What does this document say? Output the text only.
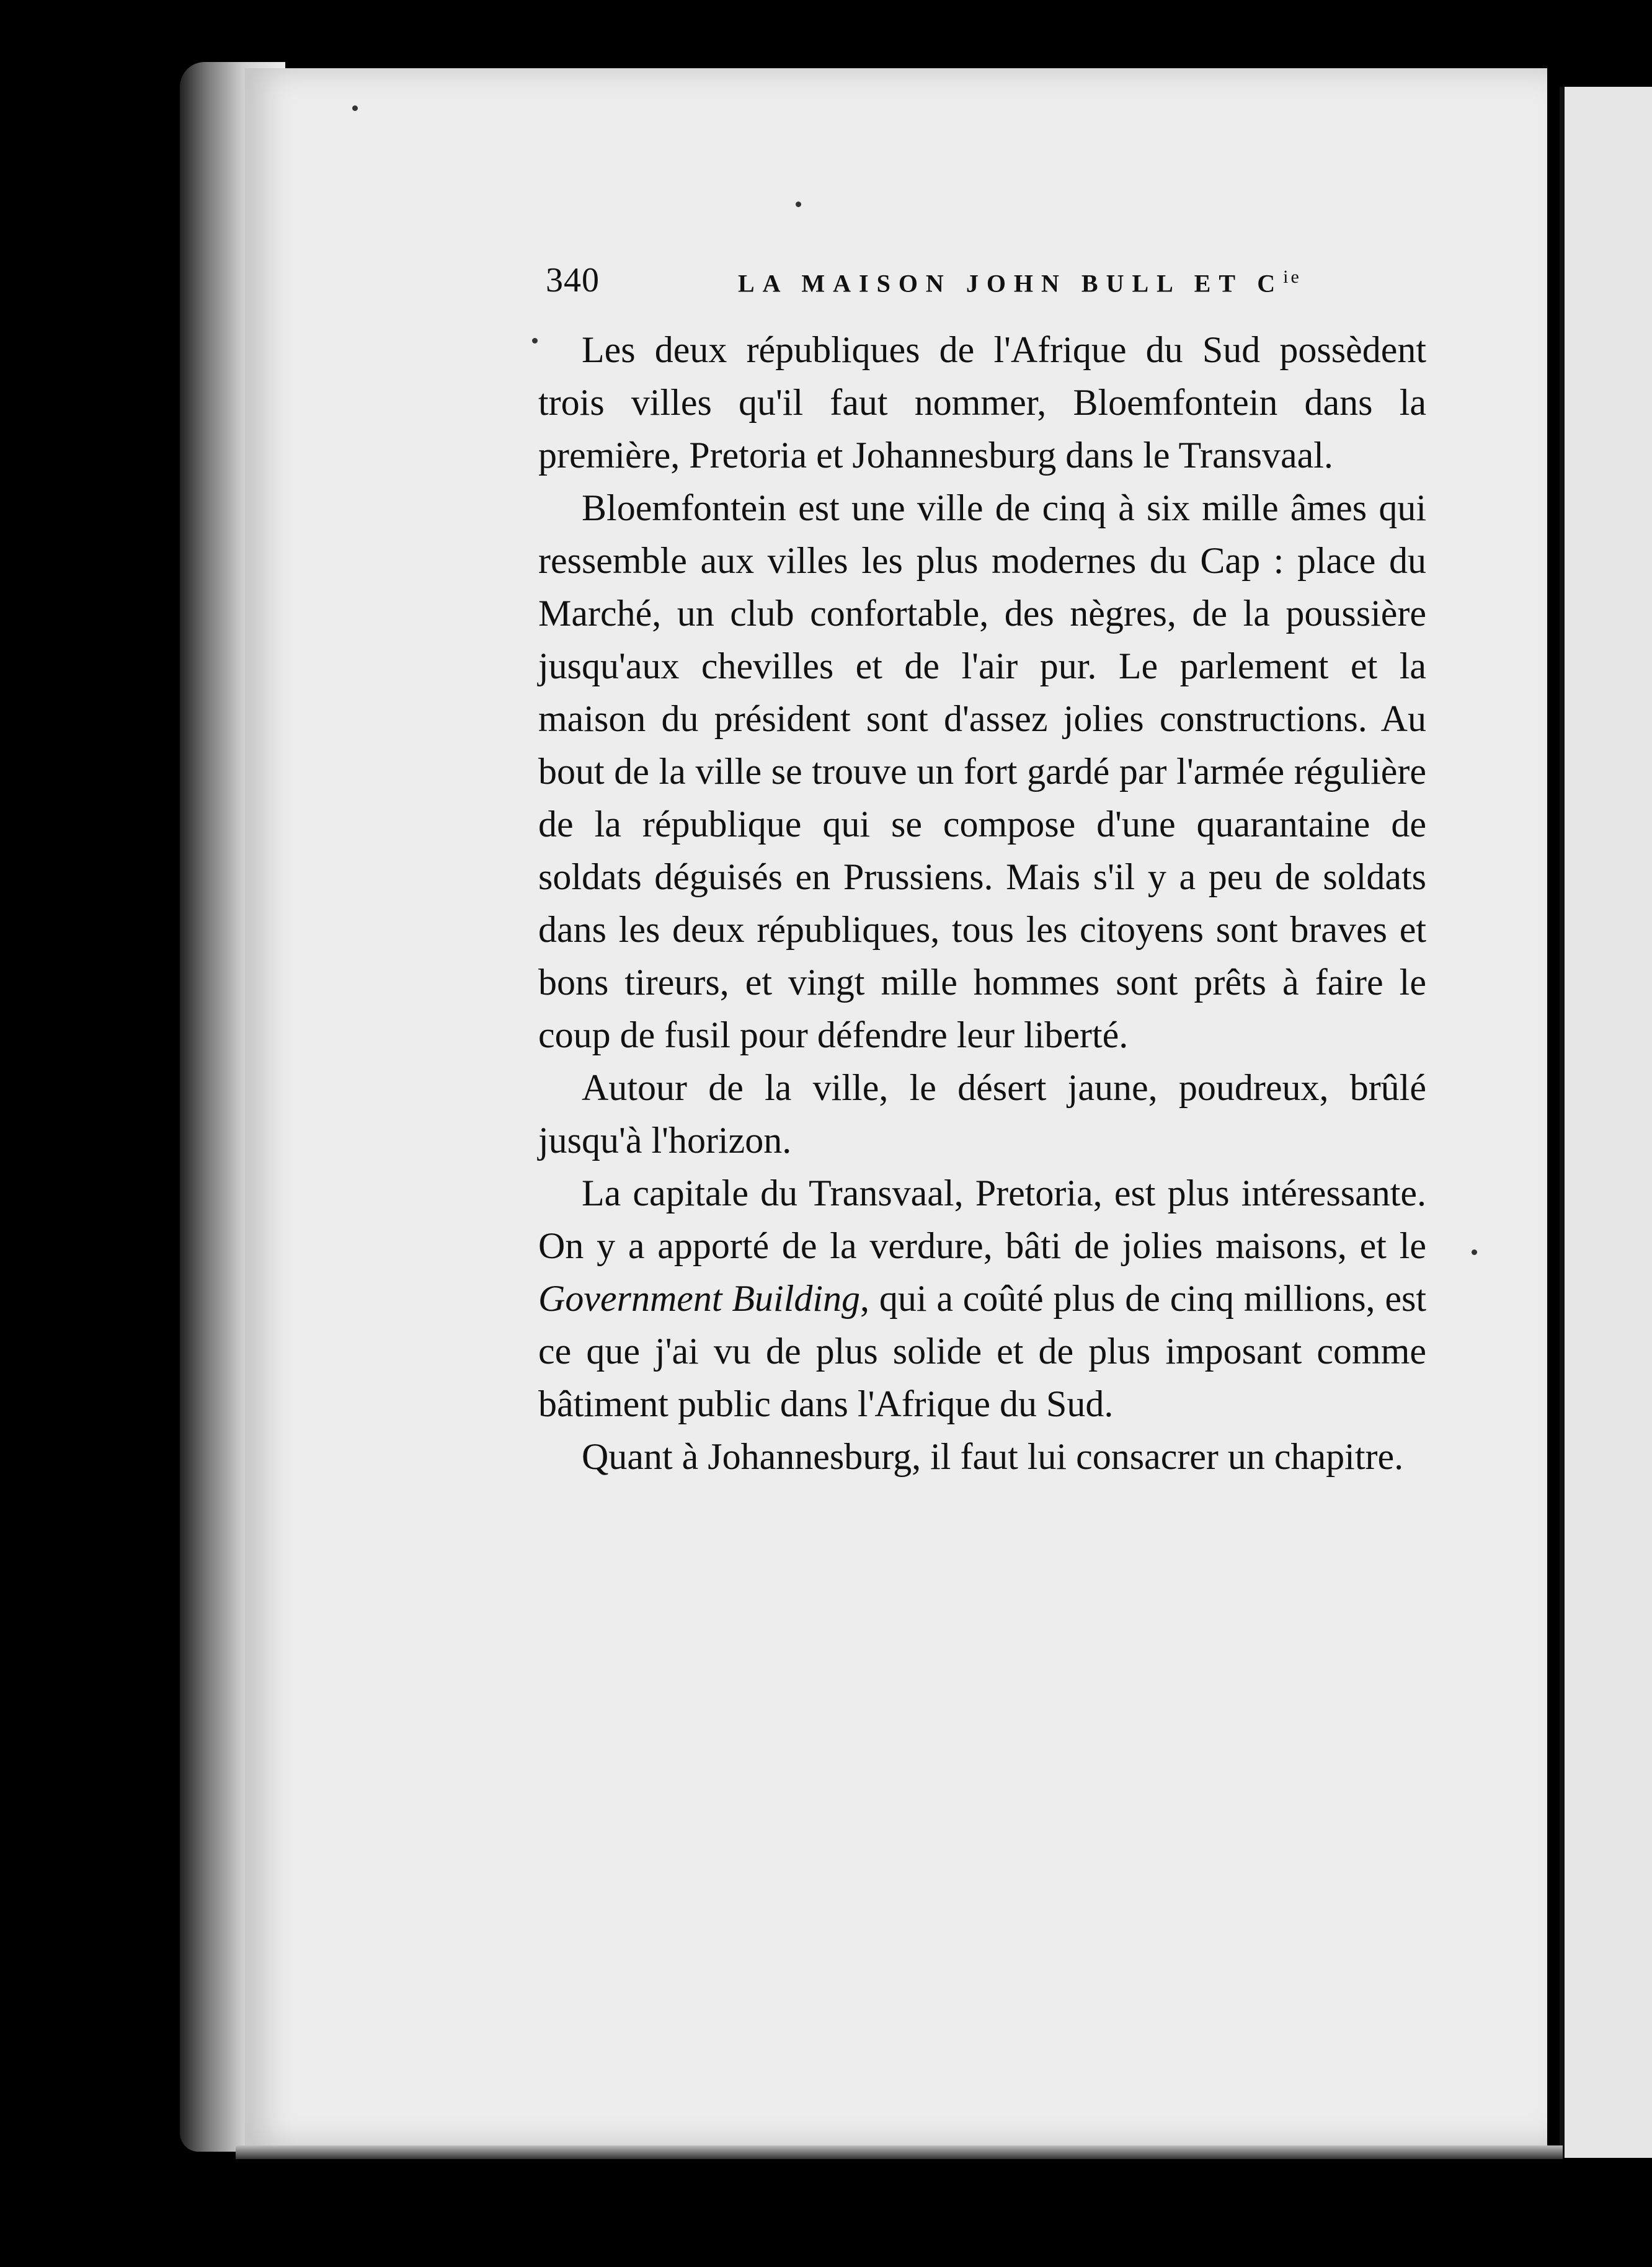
340	LA MAISON JOHN BULL ET $C^{ie}$

Les deux républiques de l'Afrique du Sud possèdent trois villes qu'il faut nommer, Bloemfontein dans la première, Pretoria et Johannesburg dans le Transvaal.

Bloemfontein est une ville de cinq à six mille âmes qui ressemble aux villes les plus modernes du Cap : place du Marché, un club confortable, des nègres, de la poussière jusqu'aux chevilles et de l'air pur. Le parlement et la maison du président sont d'assez jolies constructions. Au bout de la ville se trouve un fort gardé par l'armée régulière de la république qui se compose d'une quarantaine de soldats déguisés en Prussiens. Mais s'il y a peu de soldats dans les deux républiques, tous les citoyens sont braves et bons tireurs, et vingt mille hommes sont prêts à faire le coup de fusil pour défendre leur liberté.

Autour de la ville, le désert jaune, poudreux, brûlé jusqu'à l'horizon.

La capitale du Transvaal, Pretoria, est plus intéressante. On y a apporté de la verdure, bâti de jolies maisons, et le Government Building, qui a coûté plus de cinq millions, est ce que j'ai vu de plus solide et de plus imposant comme bâtiment public dans l'Afrique du Sud.

Quant à Johannesburg, il faut lui consacrer un chapitre.
